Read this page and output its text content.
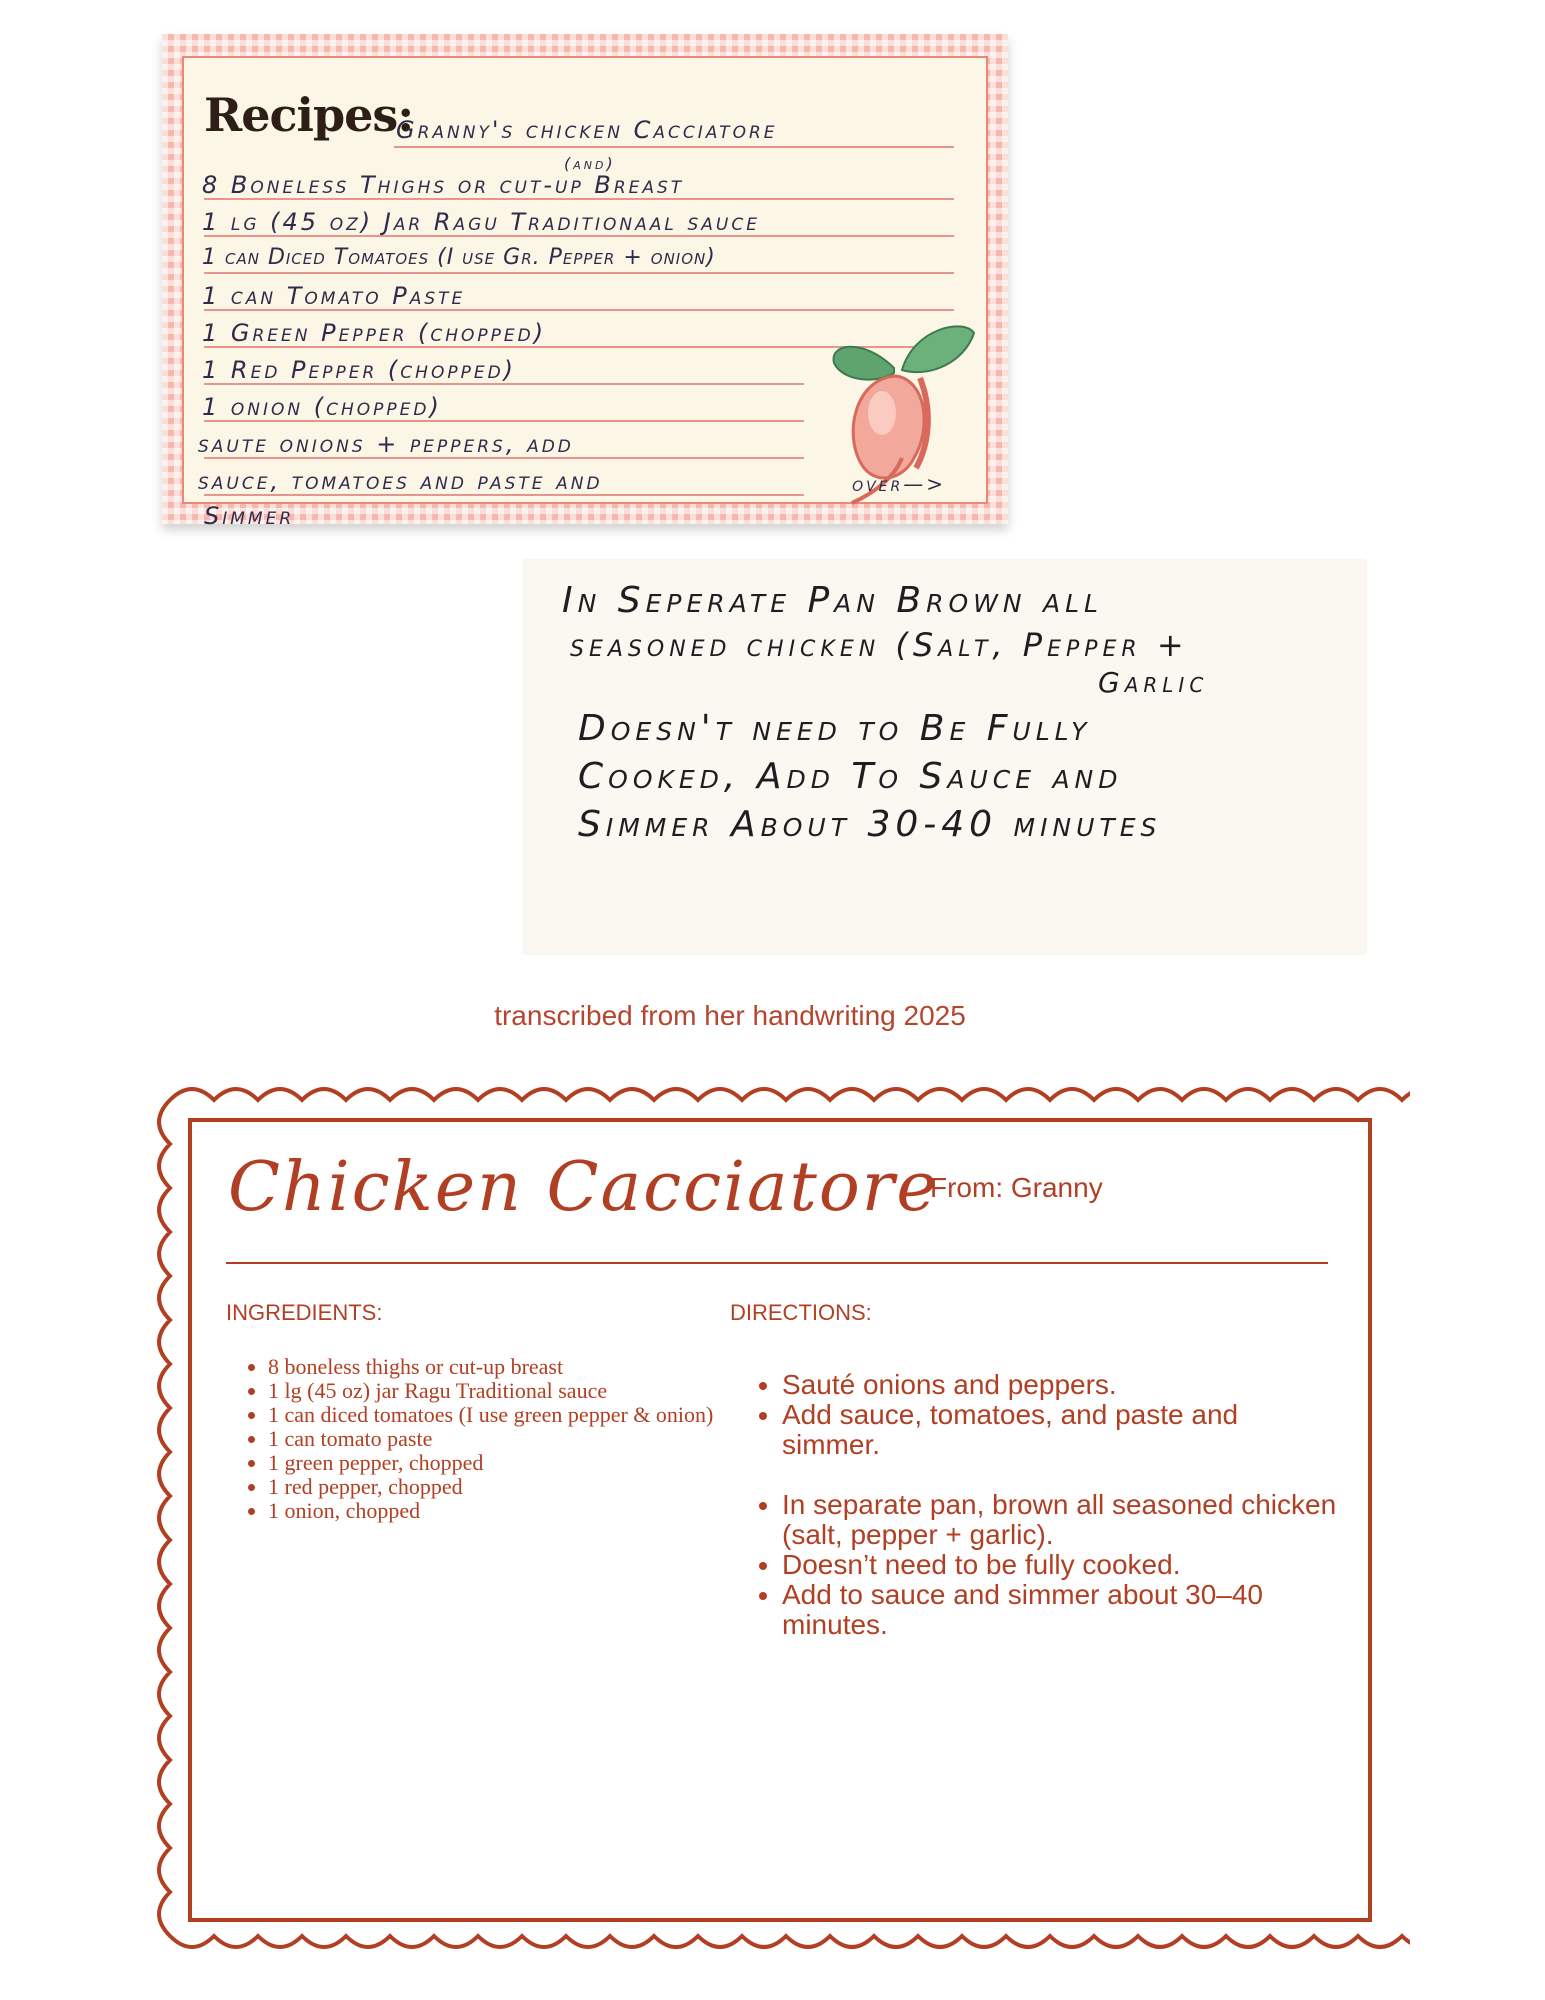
Recipes:
Granny's chicken Cacciatore
(and)
8 Boneless Thighs or cut-up Breast
1 lg (45 oz) Jar Ragu Traditionaal sauce
1 can Diced Tomatoes (I use Gr. Pepper + onion)
1 can Tomato Paste
1 Green Pepper (chopped)
1 Red Pepper (chopped)
1 onion (chopped)
saute onions + peppers, add
sauce, tomatoes and paste and
Simmer
over—>
In Seperate Pan Brown all
seasoned chicken (Salt, Pepper +
Garlic
Doesn't need to Be Fully
Cooked, Add To Sauce and
Simmer About 30-40 minutes
transcribed from her handwriting 2025
Chicken Cacciatore
From: Granny
INGREDIENTS:	DIRECTIONS:
• 8 boneless thighs or cut-up breast
• 1 lg (45 oz) jar Ragu Traditional sauce
• 1 can diced tomatoes (I use green pepper & onion)
• 1 can tomato paste
• 1 green pepper, chopped
• 1 red pepper, chopped
• 1 onion, chopped
• Sauté onions and peppers.
• Add sauce, tomatoes, and paste and simmer.
• In separate pan, brown all seasoned chicken (salt, pepper + garlic).
• Doesn’t need to be fully cooked.
• Add to sauce and simmer about 30–40 minutes.
